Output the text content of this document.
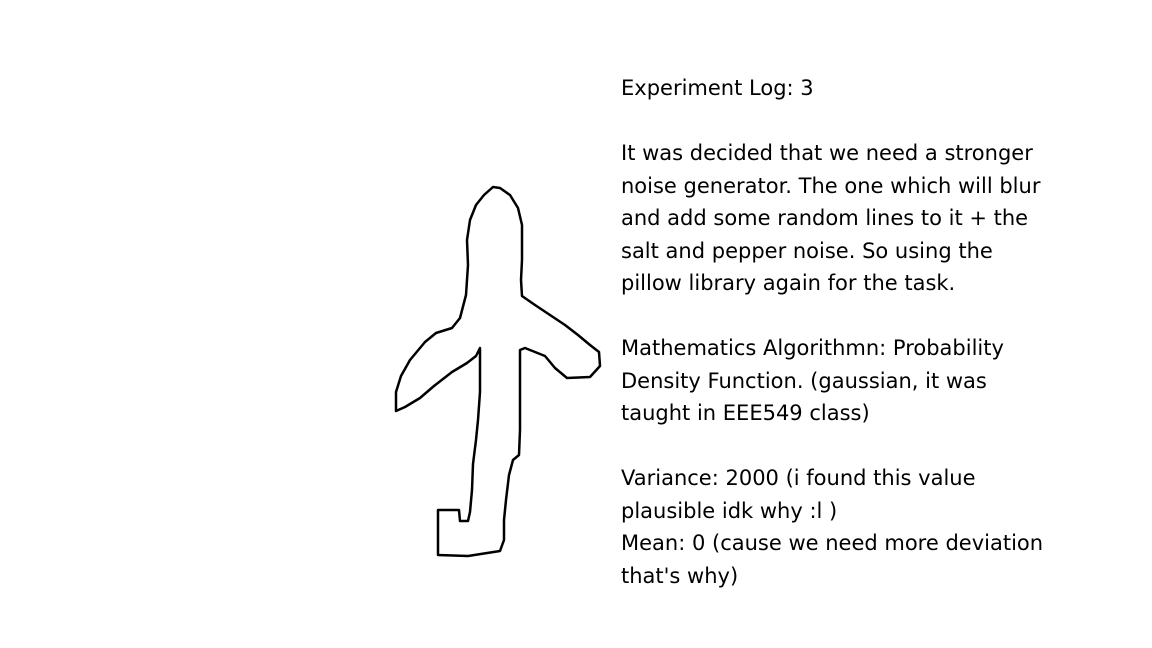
Experiment Log: 3

It was decided that we need a stronger

noise generator. The one which will blur

and add some random lines to it + the

salt and pepper noise. So using the

pillow library again for the task.

Mathematics Algorithmn: Probability

Density Function. (gaussian, it was

taught in EEE549 class)

Variance: 2000 (i found this value

plausible idk why :l )

Mean: 0 (cause we need more deviation

that's why)
